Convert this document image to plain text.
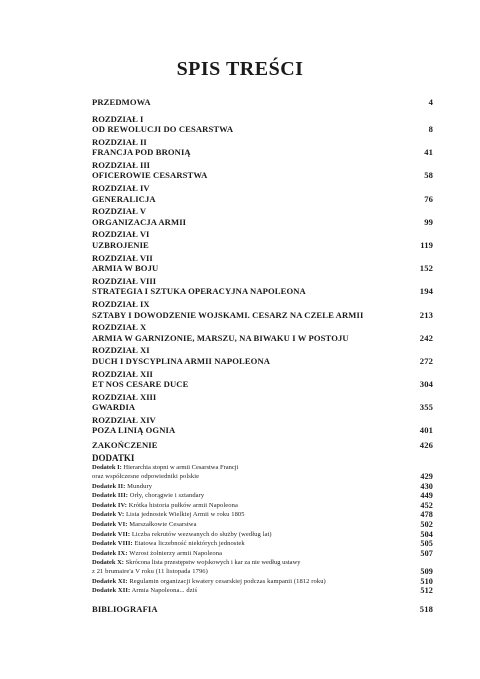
SPIS TREŚCI
PRZEDMOWA	4
ROZDZIAŁ I
OD REWOLUCJI DO CESARSTWA	8
ROZDZIAŁ II
FRANCJA POD BRONIĄ	41
ROZDZIAŁ III
OFICEROWIE CESARSTWA	58
ROZDZIAŁ IV
GENERALICJA	76
ROZDZIAŁ V
ORGANIZACJA ARMII	99
ROZDZIAŁ VI
UZBROJENIE	119
ROZDZIAŁ VII
ARMIA W BOJU	152
ROZDZIAŁ VIII
STRATEGIA I SZTUKA OPERACYJNA NAPOLEONA	194
ROZDZIAŁ IX
SZTABY I DOWODZENIE WOJSKAMI. CESARZ NA CZELE ARMII	213
ROZDZIAŁ X
ARMIA W GARNIZONIE, MARSZU, NA BIWAKU I W POSTOJU	242
ROZDZIAŁ XI
DUCH I DYSCYPLINA ARMII NAPOLEONA	272
ROZDZIAŁ XII
ET NOS CESARE DUCE	304
ROZDZIAŁ XIII
GWARDIA	355
ROZDZIAŁ XIV
POZA LINIĄ OGNIA	401
ZAKOŃCZENIE	426
DODATKI
Dodatek I: Hierarchia stopni w armii Cesarstwa Francji
oraz współczesne odpowiedniki polskie	429
Dodatek II: Mundury	430
Dodatek III: Orły, chorągwie i sztandary	449
Dodatek IV: Krótka historia pułków armii Napoleona	452
Dodatek V: Lista jednostek Wielkiej Armii w roku 1805	478
Dodatek VI: Marszałkowie Cesarstwa	502
Dodatek VII: Liczba rekrutów wezwanych do służby (według lat)	504
Dodatek VIII: Etatowa liczebność niektórych jednostek	505
Dodatek IX: Wzrost żołnierzy armii Napoleona	507
Dodatek X: Skrócona lista przestępstw wojskowych i kar za nie według ustawy
z 21 brumaire'a V roku (11 listopada 1796)	509
Dodatek XI: Regulamin organizacji kwatery cesarskiej podczas kampanii (1812 roku)	510
Dodatek XII: Armia Napoleona... dziś	512
BIBLIOGRAFIA	518
